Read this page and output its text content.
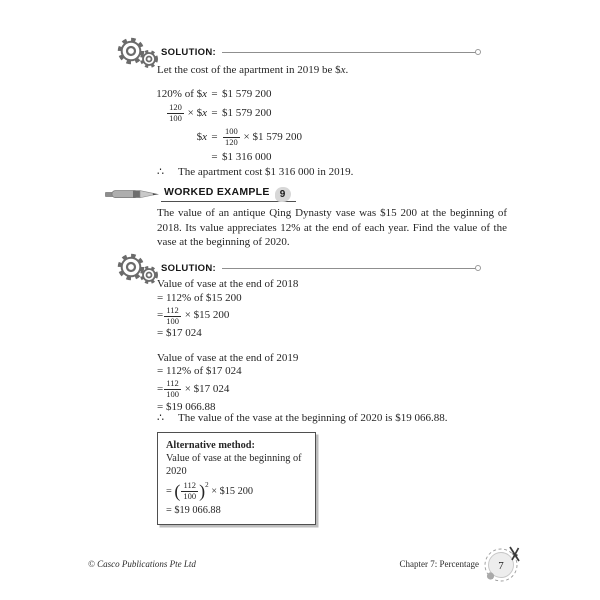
SOLUTION:

Let the cost of the apartment in 2019 be $x.

120% of $ x = $1 579 200
$\frac{120}{100}$ × $ x = $1 579 200
$ $x = \frac{100}{120}$ × $1 579 200
= $1 316 000
∴	The apartment cost $1 316 000 in 2019.
WORKED EXAMPLE	9

The value of an antique Qing Dynasty vase was $15 200 at the beginning of 2018. Its value appreciates 12% at the end of each year. Find the value of the vase at the beginning of 2020.

SOLUTION:
Value of vase at the end of 2018
= 112% of $15 200
= $\frac{112}{100}$ × $15 200
= $17 024
Value of vase at the end of 2019
= 112% of $17 024
= $\frac{112}{100}$ × $17 024
= $19 066.88
∴	The value of the vase at the beginning of 2020 is $19 066.88.
Alternative method:
Value of vase at the beginning of 2020
=
( $\frac{112}{100} )^2$
× $15 200
= $19 066.88
© Casco Publications Pte Ltd	Chapter 7: Percentage 7
